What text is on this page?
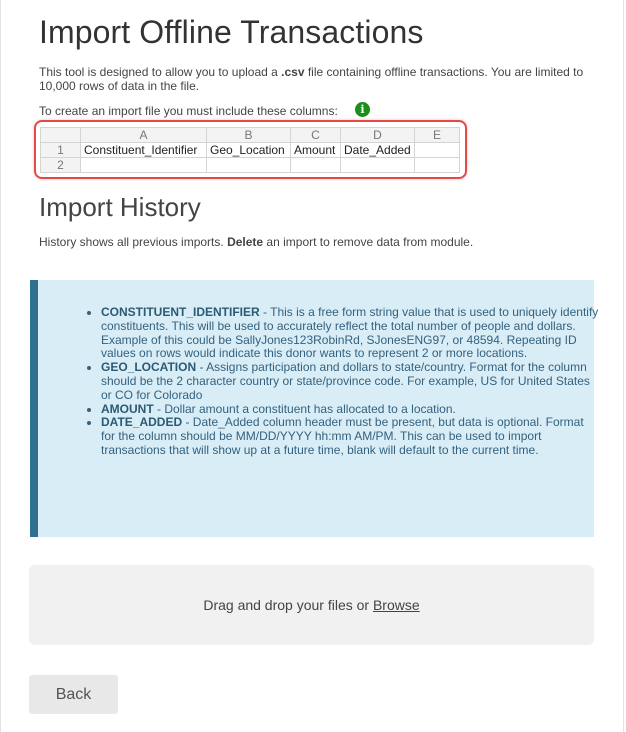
Import Offline Transactions

This tool is designed to allow you to upload a .csv file containing offline transactions. You are limited to 10,000 rows of data in the file.

To create an import file you must include these columns:	i
	A	B	C	D	E
1	Constituent_Identifier	Geo_Location	Amount	Date_Added	
2					
Import History

History shows all previous imports. Delete an import to remove data from module.

• CONSTITUENT_IDENTIFIER - This is a free form string value that is used to uniquely identify constituents. This will be used to accurately reflect the total number of people and dollars. Example of this could be SallyJones123RobinRd, SJonesENG97, or 48594. Repeating ID values on rows would indicate this donor wants to represent 2 or more locations.
• GEO_LOCATION - Assigns participation and dollars to state/country. Format for the column should be the 2 character country or state/province code. For example, US for United States or CO for Colorado
• AMOUNT - Dollar amount a constituent has allocated to a location.
• DATE_ADDED - Date_Added column header must be present, but data is optional. Format for the column should be MM/DD/YYYY hh:mm AM/PM. This can be used to import transactions that will show up at a future time, blank will default to the current time.
Drag and drop your files or Browse
Back
